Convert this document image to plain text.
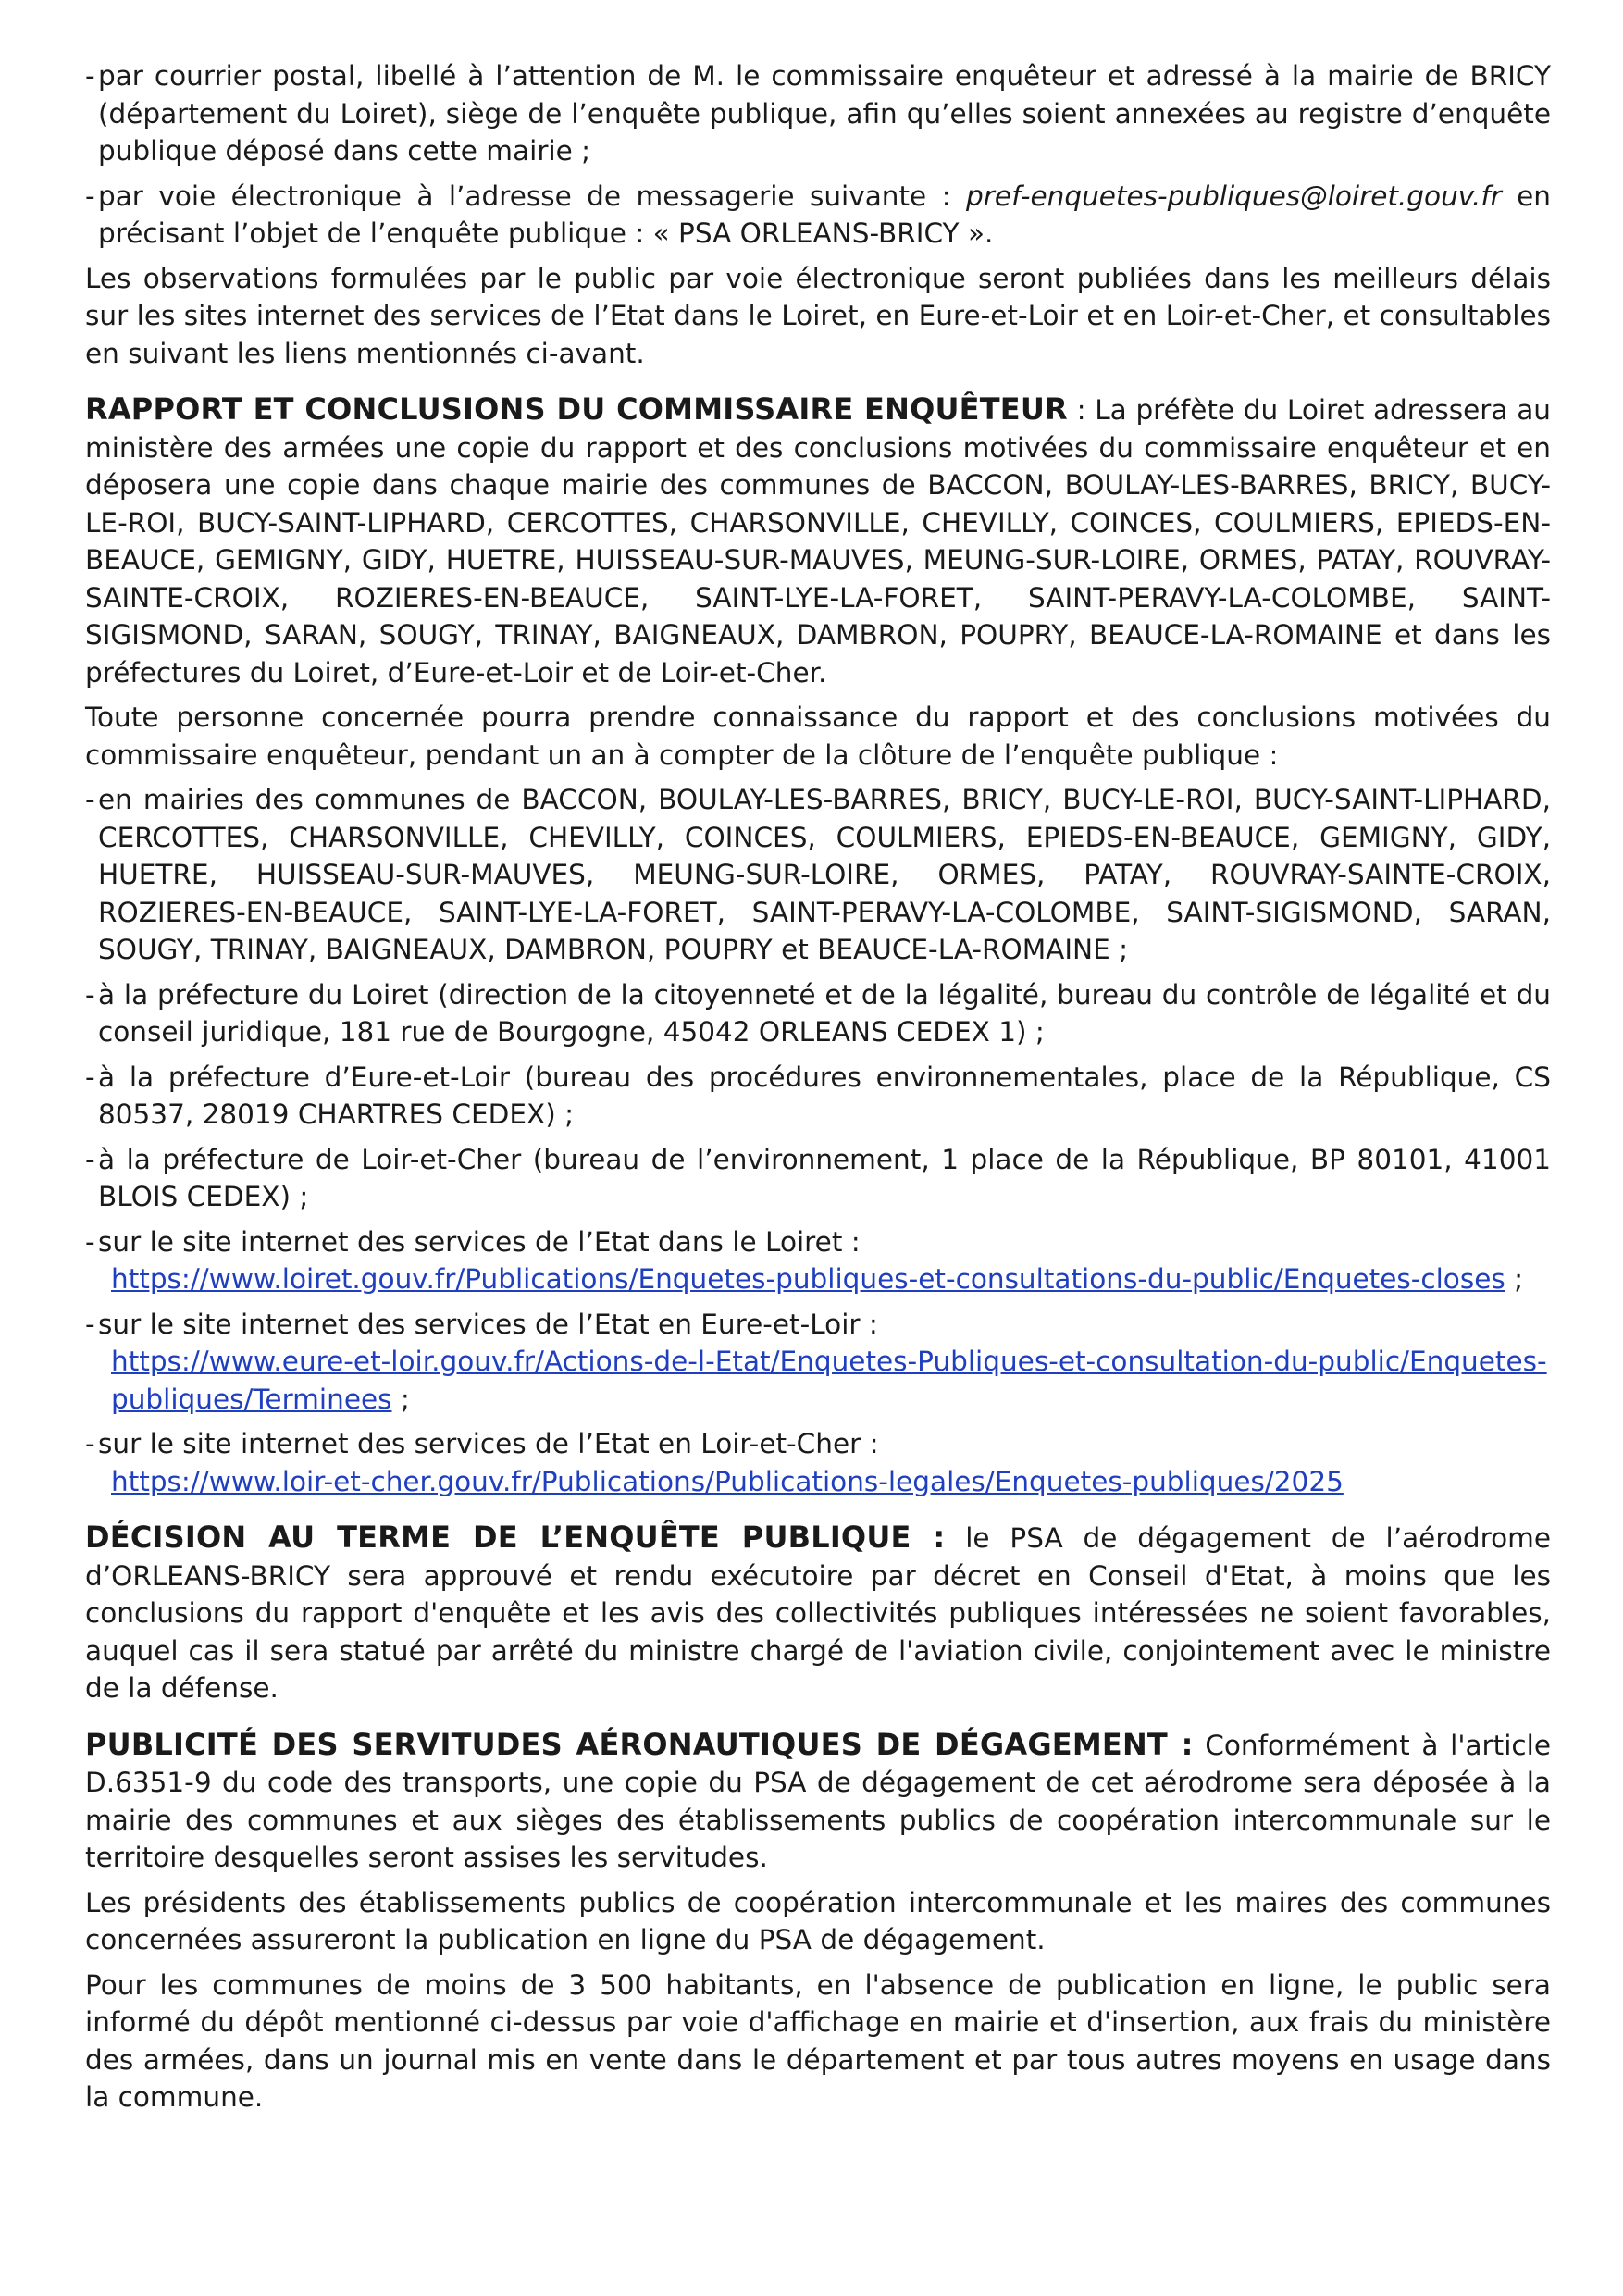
- par courrier postal, libellé à l’attention de M. le commissaire enquêteur et adressé à la mairie de BRICY (département du Loiret), siège de l’enquête publique, afin qu’elles soient annexées au registre d’enquête publique déposé dans cette mairie ;

- par voie électronique à l’adresse de messagerie suivante : pref-enquetes-publiques@loiret.gouv.fr en précisant l’objet de l’enquête publique : « PSA ORLEANS-BRICY ».

Les observations formulées par le public par voie électronique seront publiées dans les meilleurs délais sur les sites internet des services de l’Etat dans le Loiret, en Eure-et-Loir et en Loir-et-Cher, et consultables en suivant les liens mentionnés ci-avant.

RAPPORT ET CONCLUSIONS DU COMMISSAIRE ENQUÊTEUR : La préfète du Loiret adressera au ministère des armées une copie du rapport et des conclusions motivées du commissaire enquêteur et en déposera une copie dans chaque mairie des communes de BACCON, BOULAY-LES-BARRES, BRICY, BUCY-LE-ROI, BUCY-SAINT-LIPHARD, CERCOTTES, CHARSONVILLE, CHEVILLY, COINCES, COULMIERS, EPIEDS-EN-BEAUCE, GEMIGNY, GIDY, HUETRE, HUISSEAU-SUR-MAUVES, MEUNG-SUR-LOIRE, ORMES, PATAY, ROUVRAY-SAINTE-CROIX, ROZIERES-EN-BEAUCE, SAINT-LYE-LA-FORET, SAINT-PERAVY-LA-COLOMBE, SAINT-SIGISMOND, SARAN, SOUGY, TRINAY, BAIGNEAUX, DAMBRON, POUPRY, BEAUCE-LA-ROMAINE et dans les préfectures du Loiret, d’Eure-et-Loir et de Loir-et-Cher.

Toute personne concernée pourra prendre connaissance du rapport et des conclusions motivées du commissaire enquêteur, pendant un an à compter de la clôture de l’enquête publique :

- en mairies des communes de BACCON, BOULAY-LES-BARRES, BRICY, BUCY-LE-ROI, BUCY-SAINT-LIPHARD, CERCOTTES, CHARSONVILLE, CHEVILLY, COINCES, COULMIERS, EPIEDS-EN-BEAUCE, GEMIGNY, GIDY, HUETRE, HUISSEAU-SUR-MAUVES, MEUNG-SUR-LOIRE, ORMES, PATAY, ROUVRAY-SAINTE-CROIX, ROZIERES-EN-BEAUCE, SAINT-LYE-LA-FORET, SAINT-PERAVY-LA-COLOMBE, SAINT-SIGISMOND, SARAN, SOUGY, TRINAY, BAIGNEAUX, DAMBRON, POUPRY et BEAUCE-LA-ROMAINE ;

- à la préfecture du Loiret (direction de la citoyenneté et de la légalité, bureau du contrôle de légalité et du conseil juridique, 181 rue de Bourgogne, 45042 ORLEANS CEDEX 1) ;

- à la préfecture d’Eure-et-Loir (bureau des procédures environnementales, place de la République, CS 80537, 28019 CHARTRES CEDEX) ;

- à la préfecture de Loir-et-Cher (bureau de l’environnement, 1 place de la République, BP 80101, 41001 BLOIS CEDEX) ;

- sur le site internet des services de l’Etat dans le Loiret :
https://www.loiret.gouv.fr/Publications/Enquetes-publiques-et-consultations-du-public/Enquetes-closes ;
- sur le site internet des services de l’Etat en Eure-et-Loir :
https://www.eure-et-loir.gouv.fr/Actions-de-l-Etat/Enquetes-Publiques-et-consultation-du-public/Enquetes-publiques/Terminees ;
- sur le site internet des services de l’Etat en Loir-et-Cher :
https://www.loir-et-cher.gouv.fr/Publications/Publications-legales/Enquetes-publiques/2025

DÉCISION AU TERME DE L’ENQUÊTE PUBLIQUE : le PSA de dégagement de l’aérodrome d’ORLEANS-BRICY sera approuvé et rendu exécutoire par décret en Conseil d'Etat, à moins que les conclusions du rapport d'enquête et les avis des collectivités publiques intéressées ne soient favorables, auquel cas il sera statué par arrêté du ministre chargé de l'aviation civile, conjointement avec le ministre de la défense.

PUBLICITÉ DES SERVITUDES AÉRONAUTIQUES DE DÉGAGEMENT : Conformément à l'article D.6351-9 du code des transports, une copie du PSA de dégagement de cet aérodrome sera déposée à la mairie des communes et aux sièges des établissements publics de coopération intercommunale sur le territoire desquelles seront assises les servitudes.

Les présidents des établissements publics de coopération intercommunale et les maires des communes concernées assureront la publication en ligne du PSA de dégagement.

Pour les communes de moins de 3 500 habitants, en l'absence de publication en ligne, le public sera informé du dépôt mentionné ci-dessus par voie d'affichage en mairie et d'insertion, aux frais du ministère des armées, dans un journal mis en vente dans le département et par tous autres moyens en usage dans la commune.
